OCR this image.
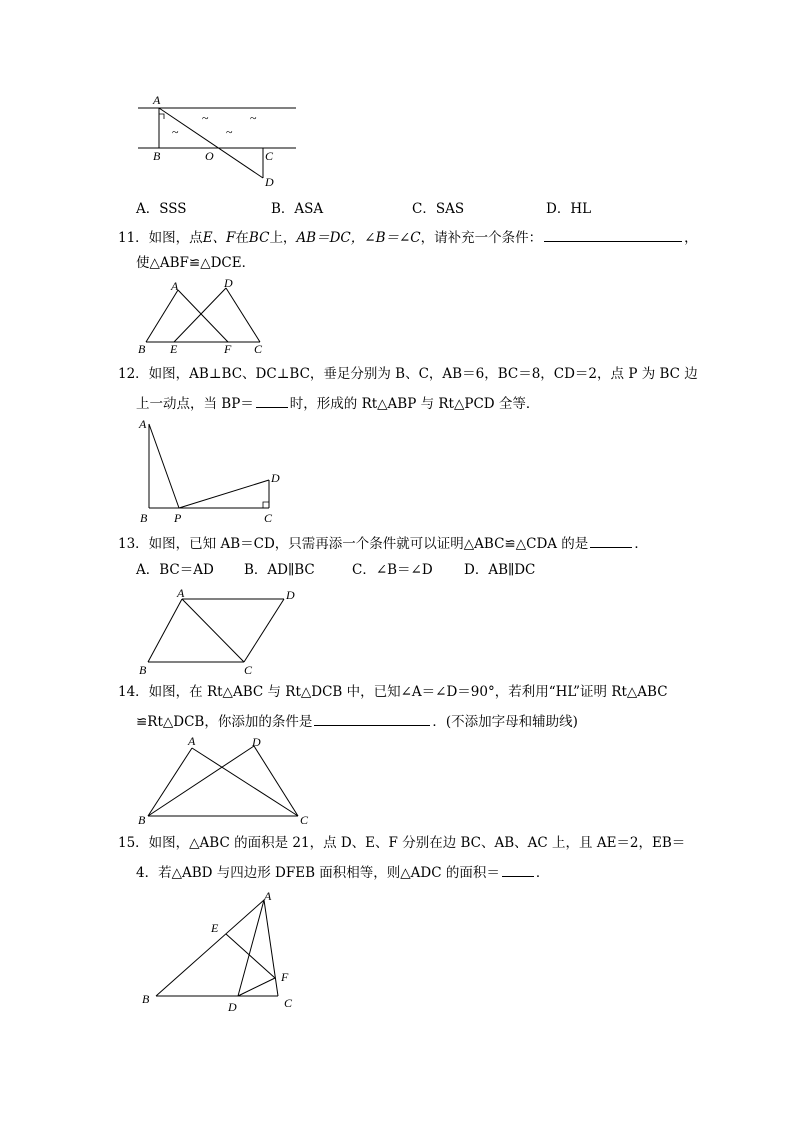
~	~
~	~
A
B	O	C
D
A．SSS	B．ASA	C．SAS	D．HL
11．如图，点E、F在BC上，AB＝DC，∠B＝∠C，请补充一个条件：	，
使△ABF≌△DCE．
A	D
B E	F C
12．如图，AB⊥BC、DC⊥BC，垂足分别为 B、C，AB＝6，BC＝8，CD＝2，点 P 为 BC 边
上一动点，当 BP＝	时，形成的 Rt△ABP 与 Rt△PCD 全等．
A
D
B P	C
13．如图，已知 AB＝CD，只需再添一个条件就可以证明△ABC≌△CDA 的是	．
A．BC＝AD B．AD∥BC	C．∠B＝∠D D．AB∥DC
A	D
B	C
14．如图，在 Rt△ABC 与 Rt△DCB 中，已知∠A＝∠D＝90°，若利用“HL”证明 Rt△ABC
≌Rt△DCB，你添加的条件是	．(不添加字母和辅助线)
A	D
B	C
15．如图，△ABC 的面积是 21，点 D、E、F 分别在边 BC、AB、AC 上，且 AE＝2，EB＝
4．若△ABD 与四边形 DFEB 面积相等，则△ADC 的面积＝	．
A
E
F
B
D	C
